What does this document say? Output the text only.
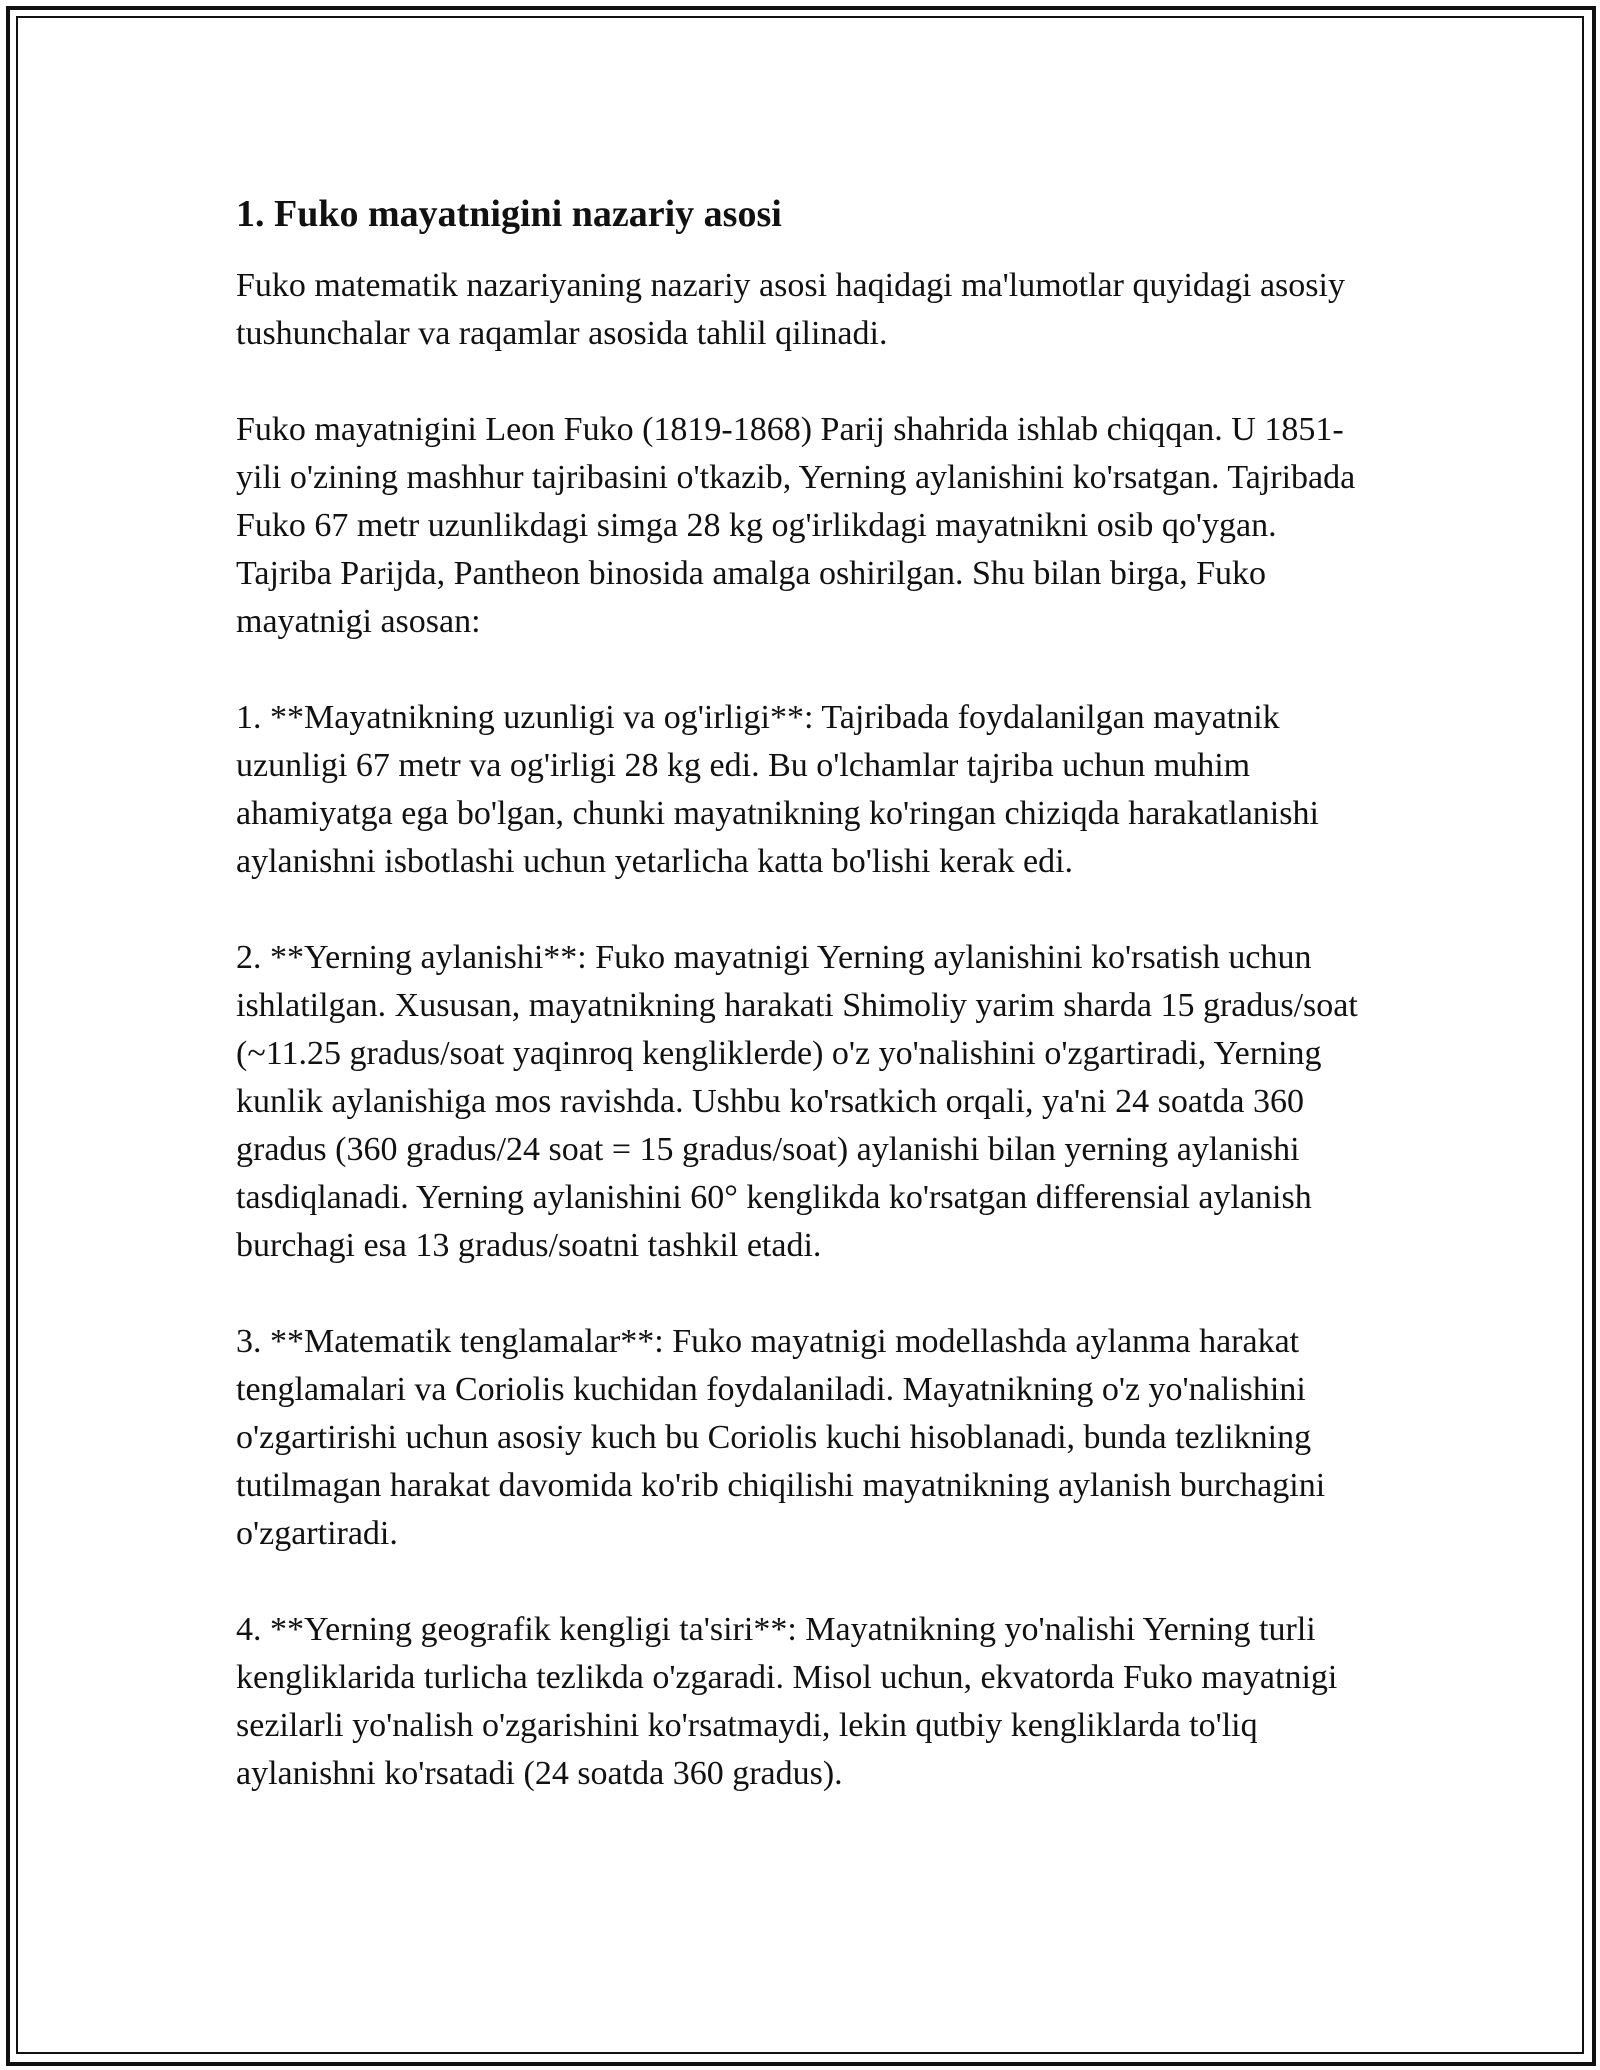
1. Fuko mayatnigini nazariy asosi

Fuko matematik nazariyaning nazariy asosi haqidagi ma'lumotlar quyidagi asosiy tushunchalar va raqamlar asosida tahlil qilinadi.

Fuko mayatnigini Leon Fuko (1819-1868) Parij shahrida ishlab chiqqan. U 1851-yili o'zining mashhur tajribasini o'tkazib, Yerning aylanishini ko'rsatgan. Tajribada Fuko 67 metr uzunlikdagi simga 28 kg og'irlikdagi mayatnikni osib qo'ygan. Tajriba Parijda, Pantheon binosida amalga oshirilgan. Shu bilan birga, Fuko mayatnigi asosan:

1. **Mayatnikning uzunligi va og'irligi**: Tajribada foydalanilgan mayatnik uzunligi 67 metr va og'irligi 28 kg edi. Bu o'lchamlar tajriba uchun muhim ahamiyatga ega bo'lgan, chunki mayatnikning ko'ringan chiziqda harakatlanishi aylanishni isbotlashi uchun yetarlicha katta bo'lishi kerak edi.

2. **Yerning aylanishi**: Fuko mayatnigi Yerning aylanishini ko'rsatish uchun ishlatilgan. Xususan, mayatnikning harakati Shimoliy yarim sharda 15 gradus/soat (~11.25 gradus/soat yaqinroq kengliklerde) o'z yo'nalishini o'zgartiradi, Yerning kunlik aylanishiga mos ravishda. Ushbu ko'rsatkich orqali, ya'ni 24 soatda 360 gradus (360 gradus/24 soat = 15 gradus/soat) aylanishi bilan yerning aylanishi tasdiqlanadi. Yerning aylanishini 60° kenglikda ko'rsatgan differensial aylanish burchagi esa 13 gradus/soatni tashkil etadi.

3. **Matematik tenglamalar**: Fuko mayatnigi modellashda aylanma harakat tenglamalari va Coriolis kuchidan foydalaniladi. Mayatnikning o'z yo'nalishini o'zgartirishi uchun asosiy kuch bu Coriolis kuchi hisoblanadi, bunda tezlikning tutilmagan harakat davomida ko'rib chiqilishi mayatnikning aylanish burchagini o'zgartiradi.

4. **Yerning geografik kengligi ta'siri**: Mayatnikning yo'nalishi Yerning turli kengliklarida turlicha tezlikda o'zgaradi. Misol uchun, ekvatorda Fuko mayatnigi sezilarli yo'nalish o'zgarishini ko'rsatmaydi, lekin qutbiy kengliklarda to'liq aylanishni ko'rsatadi (24 soatda 360 gradus).
